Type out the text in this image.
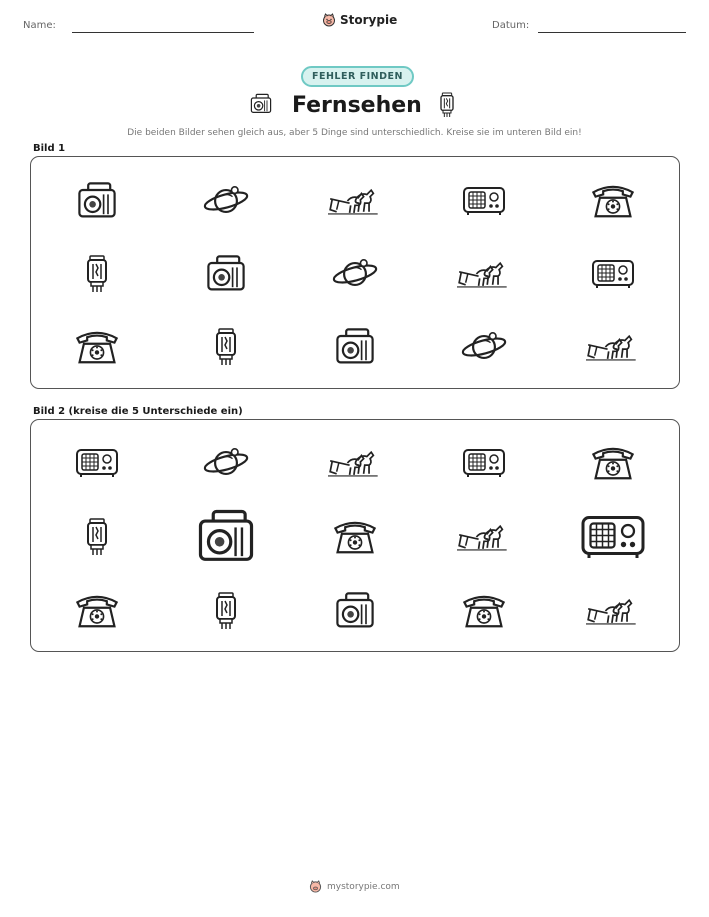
Name:	Storypie	Datum:
FEHLER FINDEN
Fernsehen
Die beiden Bilder sehen gleich aus, aber 5 Dinge sind unterschiedlich. Kreise sie im unteren Bild ein!
Bild 1
Bild 2 (kreise die 5 Unterschiede ein)
mystorypie.com
